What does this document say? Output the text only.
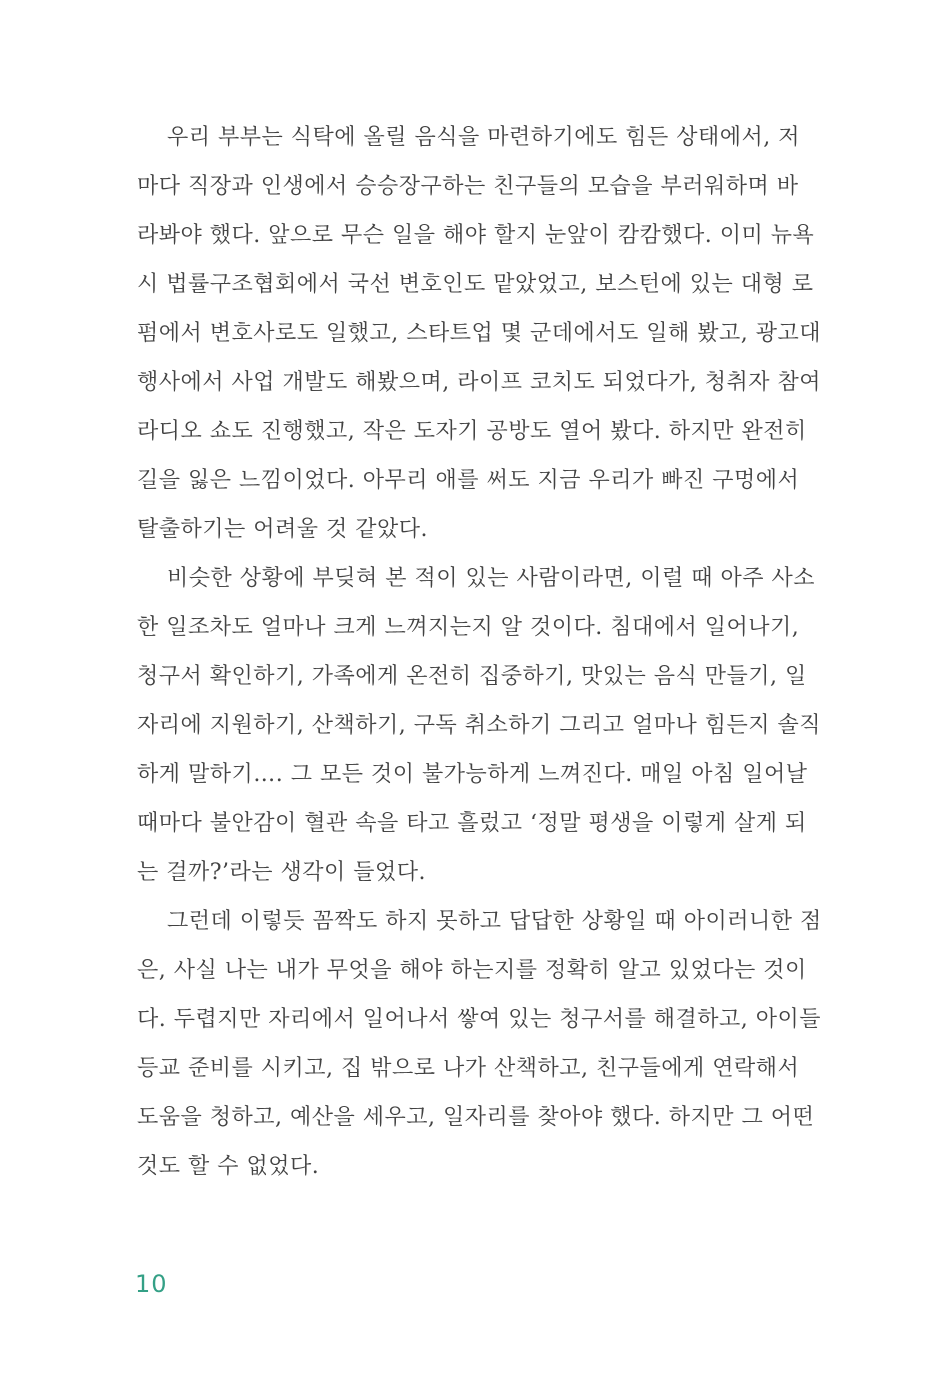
우리 부부는 식탁에 올릴 음식을 마련하기에도 힘든 상태에서, 저
마다 직장과 인생에서 승승장구하는 친구들의 모습을 부러워하며 바
라봐야 했다. 앞으로 무슨 일을 해야 할지 눈앞이 캄캄했다. 이미 뉴욕
시 법률구조협회에서 국선 변호인도 맡았었고, 보스턴에 있는 대형 로
펌에서 변호사로도 일했고, 스타트업 몇 군데에서도 일해 봤고, 광고대
행사에서 사업 개발도 해봤으며, 라이프 코치도 되었다가, 청취자 참여
라디오 쇼도 진행했고, 작은 도자기 공방도 열어 봤다. 하지만 완전히
길을 잃은 느낌이었다. 아무리 애를 써도 지금 우리가 빠진 구멍에서
탈출하기는 어려울 것 같았다.

비슷한 상황에 부딪혀 본 적이 있는 사람이라면, 이럴 때 아주 사소
한 일조차도 얼마나 크게 느껴지는지 알 것이다. 침대에서 일어나기,
청구서 확인하기, 가족에게 온전히 집중하기, 맛있는 음식 만들기, 일
자리에 지원하기, 산책하기, 구독 취소하기 그리고 얼마나 힘든지 솔직
하게 말하기…. 그 모든 것이 불가능하게 느껴진다. 매일 아침 일어날
때마다 불안감이 혈관 속을 타고 흘렀고 ‘정말 평생을 이렇게 살게 되
는 걸까?’라는 생각이 들었다.

그런데 이렇듯 꼼짝도 하지 못하고 답답한 상황일 때 아이러니한 점
은, 사실 나는 내가 무엇을 해야 하는지를 정확히 알고 있었다는 것이
다. 두렵지만 자리에서 일어나서 쌓여 있는 청구서를 해결하고, 아이들
등교 준비를 시키고, 집 밖으로 나가 산책하고, 친구들에게 연락해서
도움을 청하고, 예산을 세우고, 일자리를 찾아야 했다. 하지만 그 어떤
것도 할 수 없었다.

10
